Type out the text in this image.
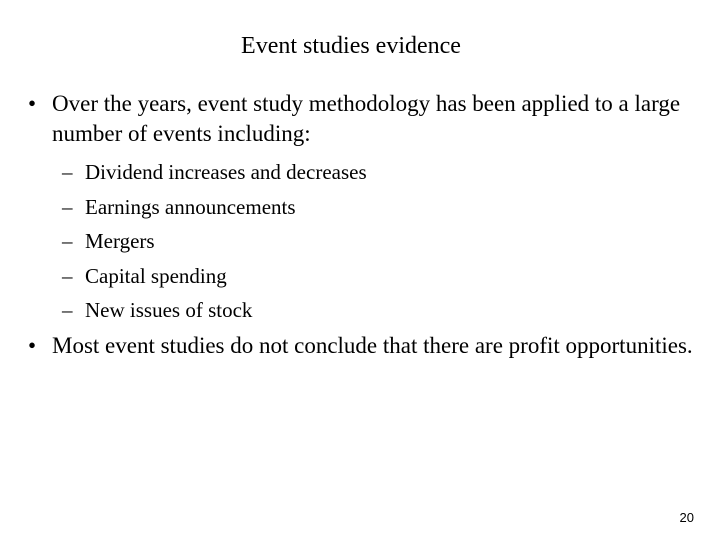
Event studies evidence
• Over the years, event study methodology has been applied to a large number of events including:
– Dividend increases and decreases
– Earnings announcements
– Mergers
– Capital spending
– New issues of stock
• Most event studies do not conclude that there are profit opportunities.
20
